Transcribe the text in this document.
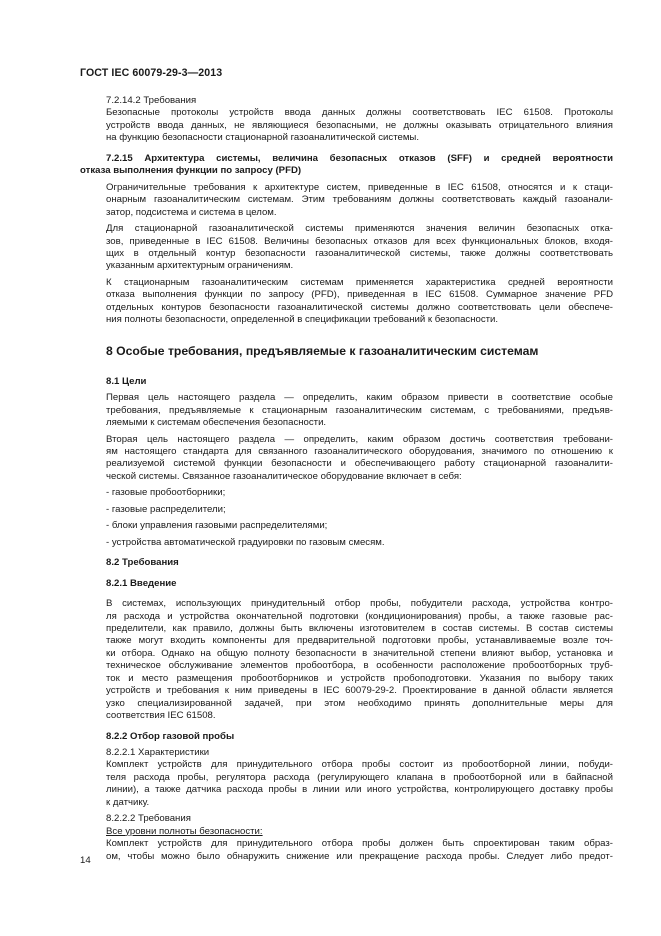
ГОСТ IEC 60079-29-3—2013

7.2.14.2 Требования

Безопасные протоколы устройств ввода данных должны соответствовать IEC 61508. Протоколы
устройств ввода данных, не являющиеся безопасными, не должны оказывать отрицательного влияния
на функцию безопасности стационарной газоаналитической системы.
7.2.15 Архитектура системы, величина безопасных отказов (SFF) и средней вероятности
отказа выполнения функции по запросу (PFD)
Ограничительные требования к архитектуре систем, приведенные в IEC 61508, относятся и к стаци-
онарным газоаналитическим системам. Этим требованиям должны соответствовать каждый газоанали-
затор, подсистема и система в целом.
Для стационарной газоаналитической системы применяются значения величин безопасных отка-
зов, приведенные в IEC 61508. Величины безопасных отказов для всех функциональных блоков, входя-
щих в отдельный контур безопасности газоаналитической системы, также должны соответствовать
указанным архитектурным ограничениям.
К стационарным газоаналитическим системам применяется характеристика средней вероятности
отказа выполнения функции по запросу (PFD), приведенная в IEC 61508. Суммарное значение PFD
отдельных контуров безопасности газоаналитической системы должно соответствовать цели обеспече-
ния полноты безопасности, определенной в спецификации требований к безопасности.

8 Особые требования, предъявляемые к газоаналитическим системам

8.1 Цели

Первая цель настоящего раздела — определить, каким образом привести в соответствие особые
требования, предъявляемые к стационарным газоаналитическим системам, с требованиями, предъяв-
ляемыми к системам обеспечения безопасности.
Вторая цель настоящего раздела — определить, каким образом достичь соответствия требовани-
ям настоящего стандарта для связанного газоаналитического оборудования, значимого по отношению к
реализуемой системой функции безопасности и обеспечивающего работу стационарной газоаналити-
ческой системы. Связанное газоаналитическое оборудование включает в себя:

- газовые пробоотборники;

- газовые распределители;

- блоки управления газовыми распределителями;

- устройства автоматической градуировки по газовым смесям.

8.2 Требования

8.2.1 Введение

В системах, использующих принудительный отбор пробы, побудители расхода, устройства контро-
ля расхода и устройства окончательной подготовки (кондиционирования) пробы, а также газовые рас-
пределители, как правило, должны быть включены изготовителем в состав системы. В состав системы
также могут входить компоненты для предварительной подготовки пробы, устанавливаемые возле точ-
ки отбора. Однако на общую полноту безопасности в значительной степени влияют выбор, установка и
техническое обслуживание элементов пробоотбора, в особенности расположение пробоотборных труб-
ток и место размещения пробоотборников и устройств пробоподготовки. Указания по выбору таких
устройств и требования к ним приведены в IEC 60079-29-2. Проектирование в данной области является
узко специализированной задачей, при этом необходимо принять дополнительные меры для
соответствия IEC 61508.

8.2.2 Отбор газовой пробы

8.2.2.1 Характеристики

Комплект устройств для принудительного отбора пробы состоит из пробоотборной линии, побуди-
теля расхода пробы, регулятора расхода (регулирующего клапана в пробоотборной или в байпасной
линии), а также датчика расхода пробы в линии или иного устройства, контролирующего доставку пробы
к датчику.

8.2.2.2 Требования

Все уровни полноты безопасности:

Комплект устройств для принудительного отбора пробы должен быть спроектирован таким образ-
ом, чтобы можно было обнаружить снижение или прекращение расхода пробы. Следует либо предот-
14
